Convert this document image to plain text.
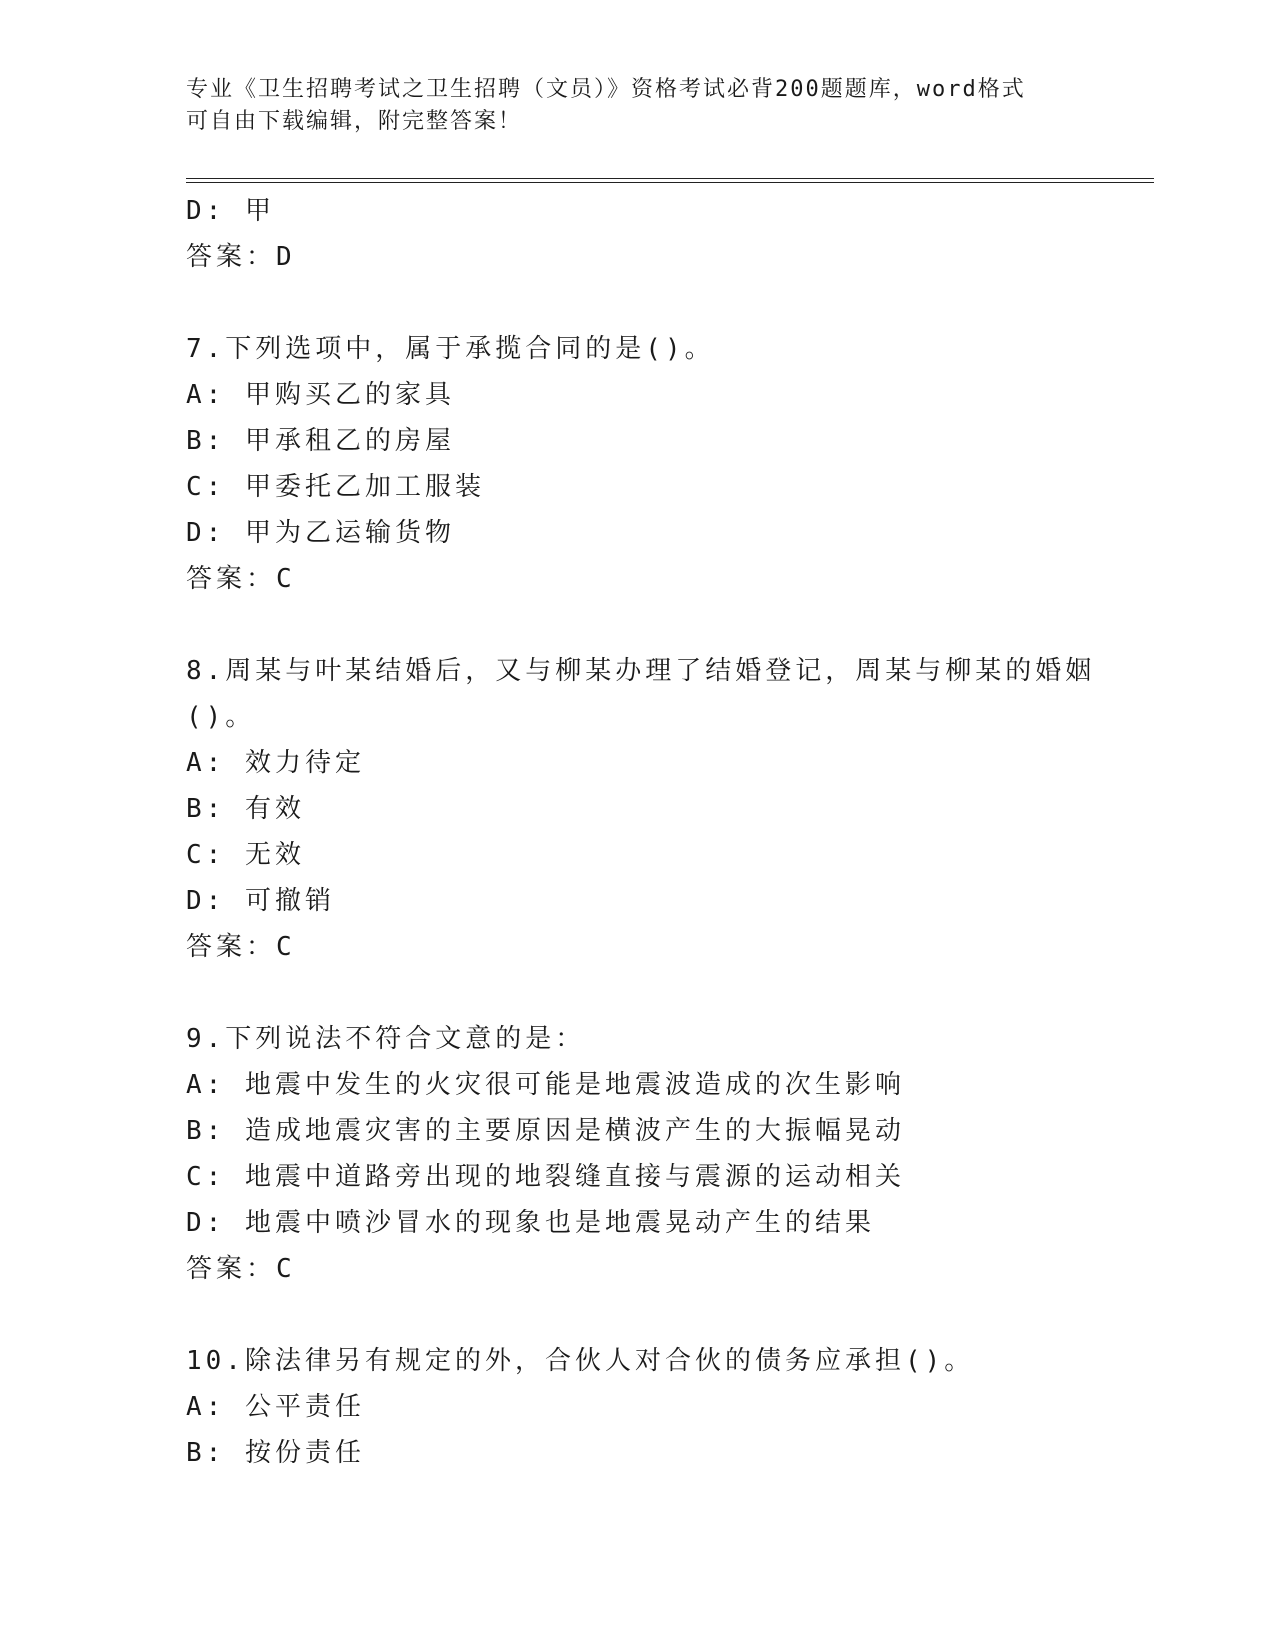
专业《卫生招聘考试之卫生招聘（文员）》资格考试必背200题题库，word格式
可自由下载编辑，附完整答案！
D: 甲
答案：D
7.下列选项中，属于承揽合同的是()。
A: 甲购买乙的家具
B: 甲承租乙的房屋
C: 甲委托乙加工服装
D: 甲为乙运输货物
答案：C
8.周某与叶某结婚后，又与柳某办理了结婚登记，周某与柳某的婚姻
()。
A: 效力待定
B: 有效
C: 无效
D: 可撤销
答案：C
9.下列说法不符合文意的是：
A: 地震中发生的火灾很可能是地震波造成的次生影响
B: 造成地震灾害的主要原因是横波产生的大振幅晃动
C: 地震中道路旁出现的地裂缝直接与震源的运动相关
D: 地震中喷沙冒水的现象也是地震晃动产生的结果
答案：C
10.除法律另有规定的外，合伙人对合伙的债务应承担()。
A: 公平责任
B: 按份责任
